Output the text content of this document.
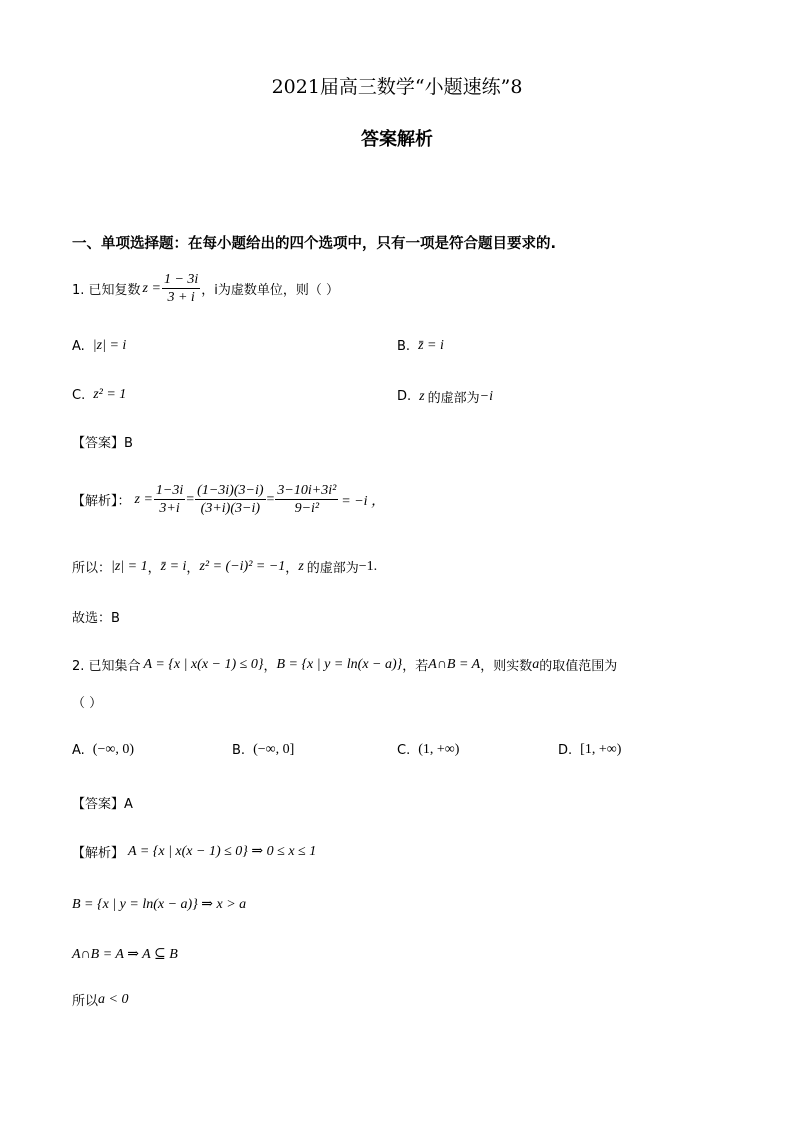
2021届高三数学“小题速练”8
答案解析
一、单项选择题：在每小题给出的四个选项中，只有一项是符合题目要求的.
1. 已知复数 $z = \frac{1 - 3i}{3 + i}$ ，i为虚数单位，则（ ）
A. |z| = i	B. z̄ = i
C. z² = 1	D. z 的虚部为 −i
【答案】B
【解析】： $z = \frac{1-3i}{3+i} = \frac{(1-3i)(3-i)}{(3+i)(3-i)} = \frac{\text{3−10i+3i²}}{\text{9−i²}} = -i$ ，
所以： |z| = 1 ， z̄ = i ， z² = (−i)² = −1 ， z 的虚部为 −1.
故选：B
2. 已知集合 A = {x | x(x − 1) ≤ 0} ， B = {x | y = ln(x − a)} ，若 A∩B = A ，则实数 a 的取值范围为
（ ）
A. (−∞, 0)	B. (−∞, 0]	C. (1, +∞)	D. [1, +∞)
【答案】A
【解析】 A = {x | x(x − 1) ≤ 0} ⇒ 0 ≤ x ≤ 1
B = {x | y = ln(x − a)} ⇒ x > a
A∩B = A ⇒ A ⊆ B
所以 a < 0
